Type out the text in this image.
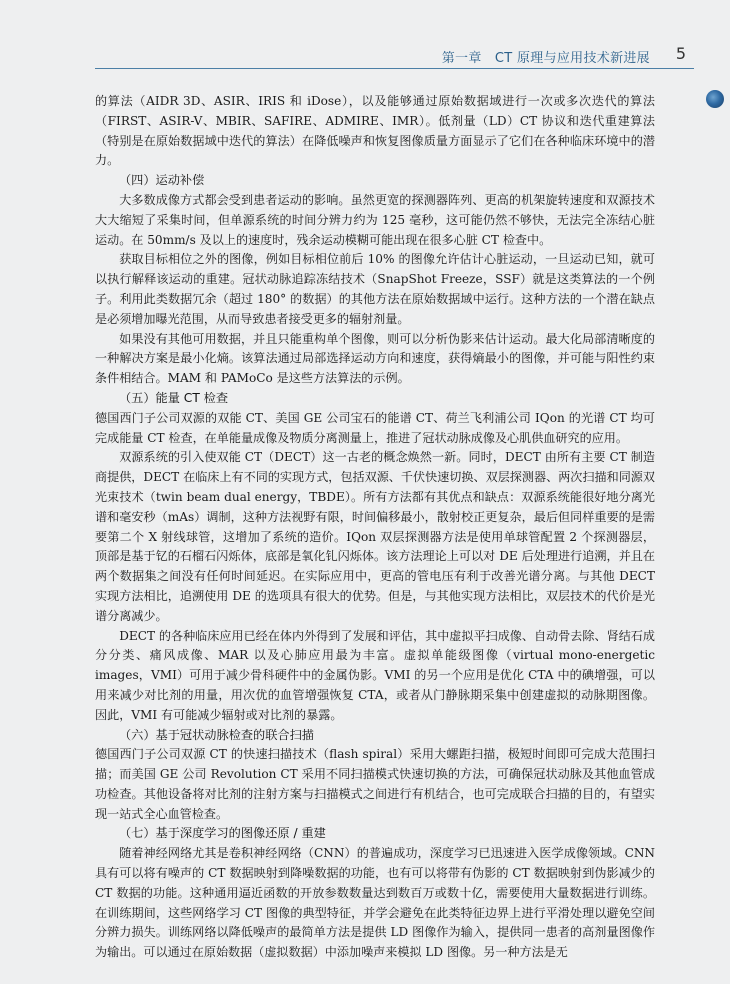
第一章　CT 原理与应用技术新进展 5

的算法（AIDR 3D、ASIR、IRIS 和 iDose），以及能够通过原始数据域进行一次或多次迭代的算法（FIRST、ASIR-V、MBIR、SAFIRE、ADMIRE、IMR）。低剂量（LD）CT 协议和迭代重建算法（特别是在原始数据域中迭代的算法）在降低噪声和恢复图像质量方面显示了它们在各种临床环境中的潜力。

（四）运动补偿

大多数成像方式都会受到患者运动的影响。虽然更宽的探测器阵列、更高的机架旋转速度和双源技术大大缩短了采集时间，但单源系统的时间分辨力约为 125 毫秒，这可能仍然不够快，无法完全冻结心脏运动。在 50mm/s 及以上的速度时，残余运动模糊可能出现在很多心脏 CT 检查中。

获取目标相位之外的图像，例如目标相位前后 10% 的图像允许估计心脏运动，一旦运动已知，就可以执行解释该运动的重建。冠状动脉追踪冻结技术（SnapShot Freeze，SSF）就是这类算法的一个例子。利用此类数据冗余（超过 180° 的数据）的其他方法在原始数据域中运行。这种方法的一个潜在缺点是必须增加曝光范围，从而导致患者接受更多的辐射剂量。

如果没有其他可用数据，并且只能重构单个图像，则可以分析伪影来估计运动。最大化局部清晰度的一种解决方案是最小化熵。该算法通过局部选择运动方向和速度，获得熵最小的图像，并可能与阳性约束条件相结合。MAM 和 PAMoCo 是这些方法算法的示例。

（五）能量 CT 检查

德国西门子公司双源的双能 CT、美国 GE 公司宝石的能谱 CT、荷兰飞利浦公司 IQon 的光谱 CT 均可完成能量 CT 检查，在单能量成像及物质分离测量上，推进了冠状动脉成像及心肌供血研究的应用。

双源系统的引入使双能 CT（DECT）这一古老的概念焕然一新。同时，DECT 由所有主要 CT 制造商提供，DECT 在临床上有不同的实现方式，包括双源、千伏快速切换、双层探测器、两次扫描和同源双光束技术（twin beam dual energy，TBDE）。所有方法都有其优点和缺点：双源系统能很好地分离光谱和毫安秒（mAs）调制，这种方法视野有限，时间偏移最小，散射校正更复杂，最后但同样重要的是需要第二个 X 射线球管，这增加了系统的造价。IQon 双层探测器方法是使用单球管配置 2 个探测器层，顶部是基于钇的石榴石闪烁体，底部是氧化钆闪烁体。该方法理论上可以对 DE 后处理进行追溯，并且在两个数据集之间没有任何时间延迟。在实际应用中，更高的管电压有利于改善光谱分离。与其他 DECT 实现方法相比，追溯使用 DE 的选项具有很大的优势。但是，与其他实现方法相比，双层技术的代价是光谱分离减少。

DECT 的各种临床应用已经在体内外得到了发展和评估，其中虚拟平扫成像、自动骨去除、肾结石成分分类、痛风成像、MAR 以及心肺应用最为丰富。虚拟单能级图像（virtual mono-energetic images，VMI）可用于减少骨科硬件中的金属伪影。VMI 的另一个应用是优化 CTA 中的碘增强，可以用来减少对比剂的用量，用次优的血管增强恢复 CTA，或者从门静脉期采集中创建虚拟的动脉期图像。因此，VMI 有可能减少辐射或对比剂的暴露。

（六）基于冠状动脉检查的联合扫描

德国西门子公司双源 CT 的快速扫描技术（flash spiral）采用大螺距扫描，极短时间即可完成大范围扫描；而美国 GE 公司 Revolution CT 采用不同扫描模式快速切换的方法，可确保冠状动脉及其他血管成功检查。其他设备将对比剂的注射方案与扫描模式之间进行有机结合，也可完成联合扫描的目的，有望实现一站式全心血管检查。

（七）基于深度学习的图像还原 / 重建

随着神经网络尤其是卷积神经网络（CNN）的普遍成功，深度学习已迅速进入医学成像领域。CNN 具有可以将有噪声的 CT 数据映射到降噪数据的功能，也有可以将带有伪影的 CT 数据映射到伪影减少的 CT 数据的功能。这种通用逼近函数的开放参数数量达到数百万或数十亿，需要使用大量数据进行训练。在训练期间，这些网络学习 CT 图像的典型特征，并学会避免在此类特征边界上进行平滑处理以避免空间分辨力损失。训练网络以降低噪声的最简单方法是提供 LD 图像作为输入，提供同一患者的高剂量图像作为输出。可以通过在原始数据（虚拟数据）中添加噪声来模拟 LD 图像。另一种方法是无
